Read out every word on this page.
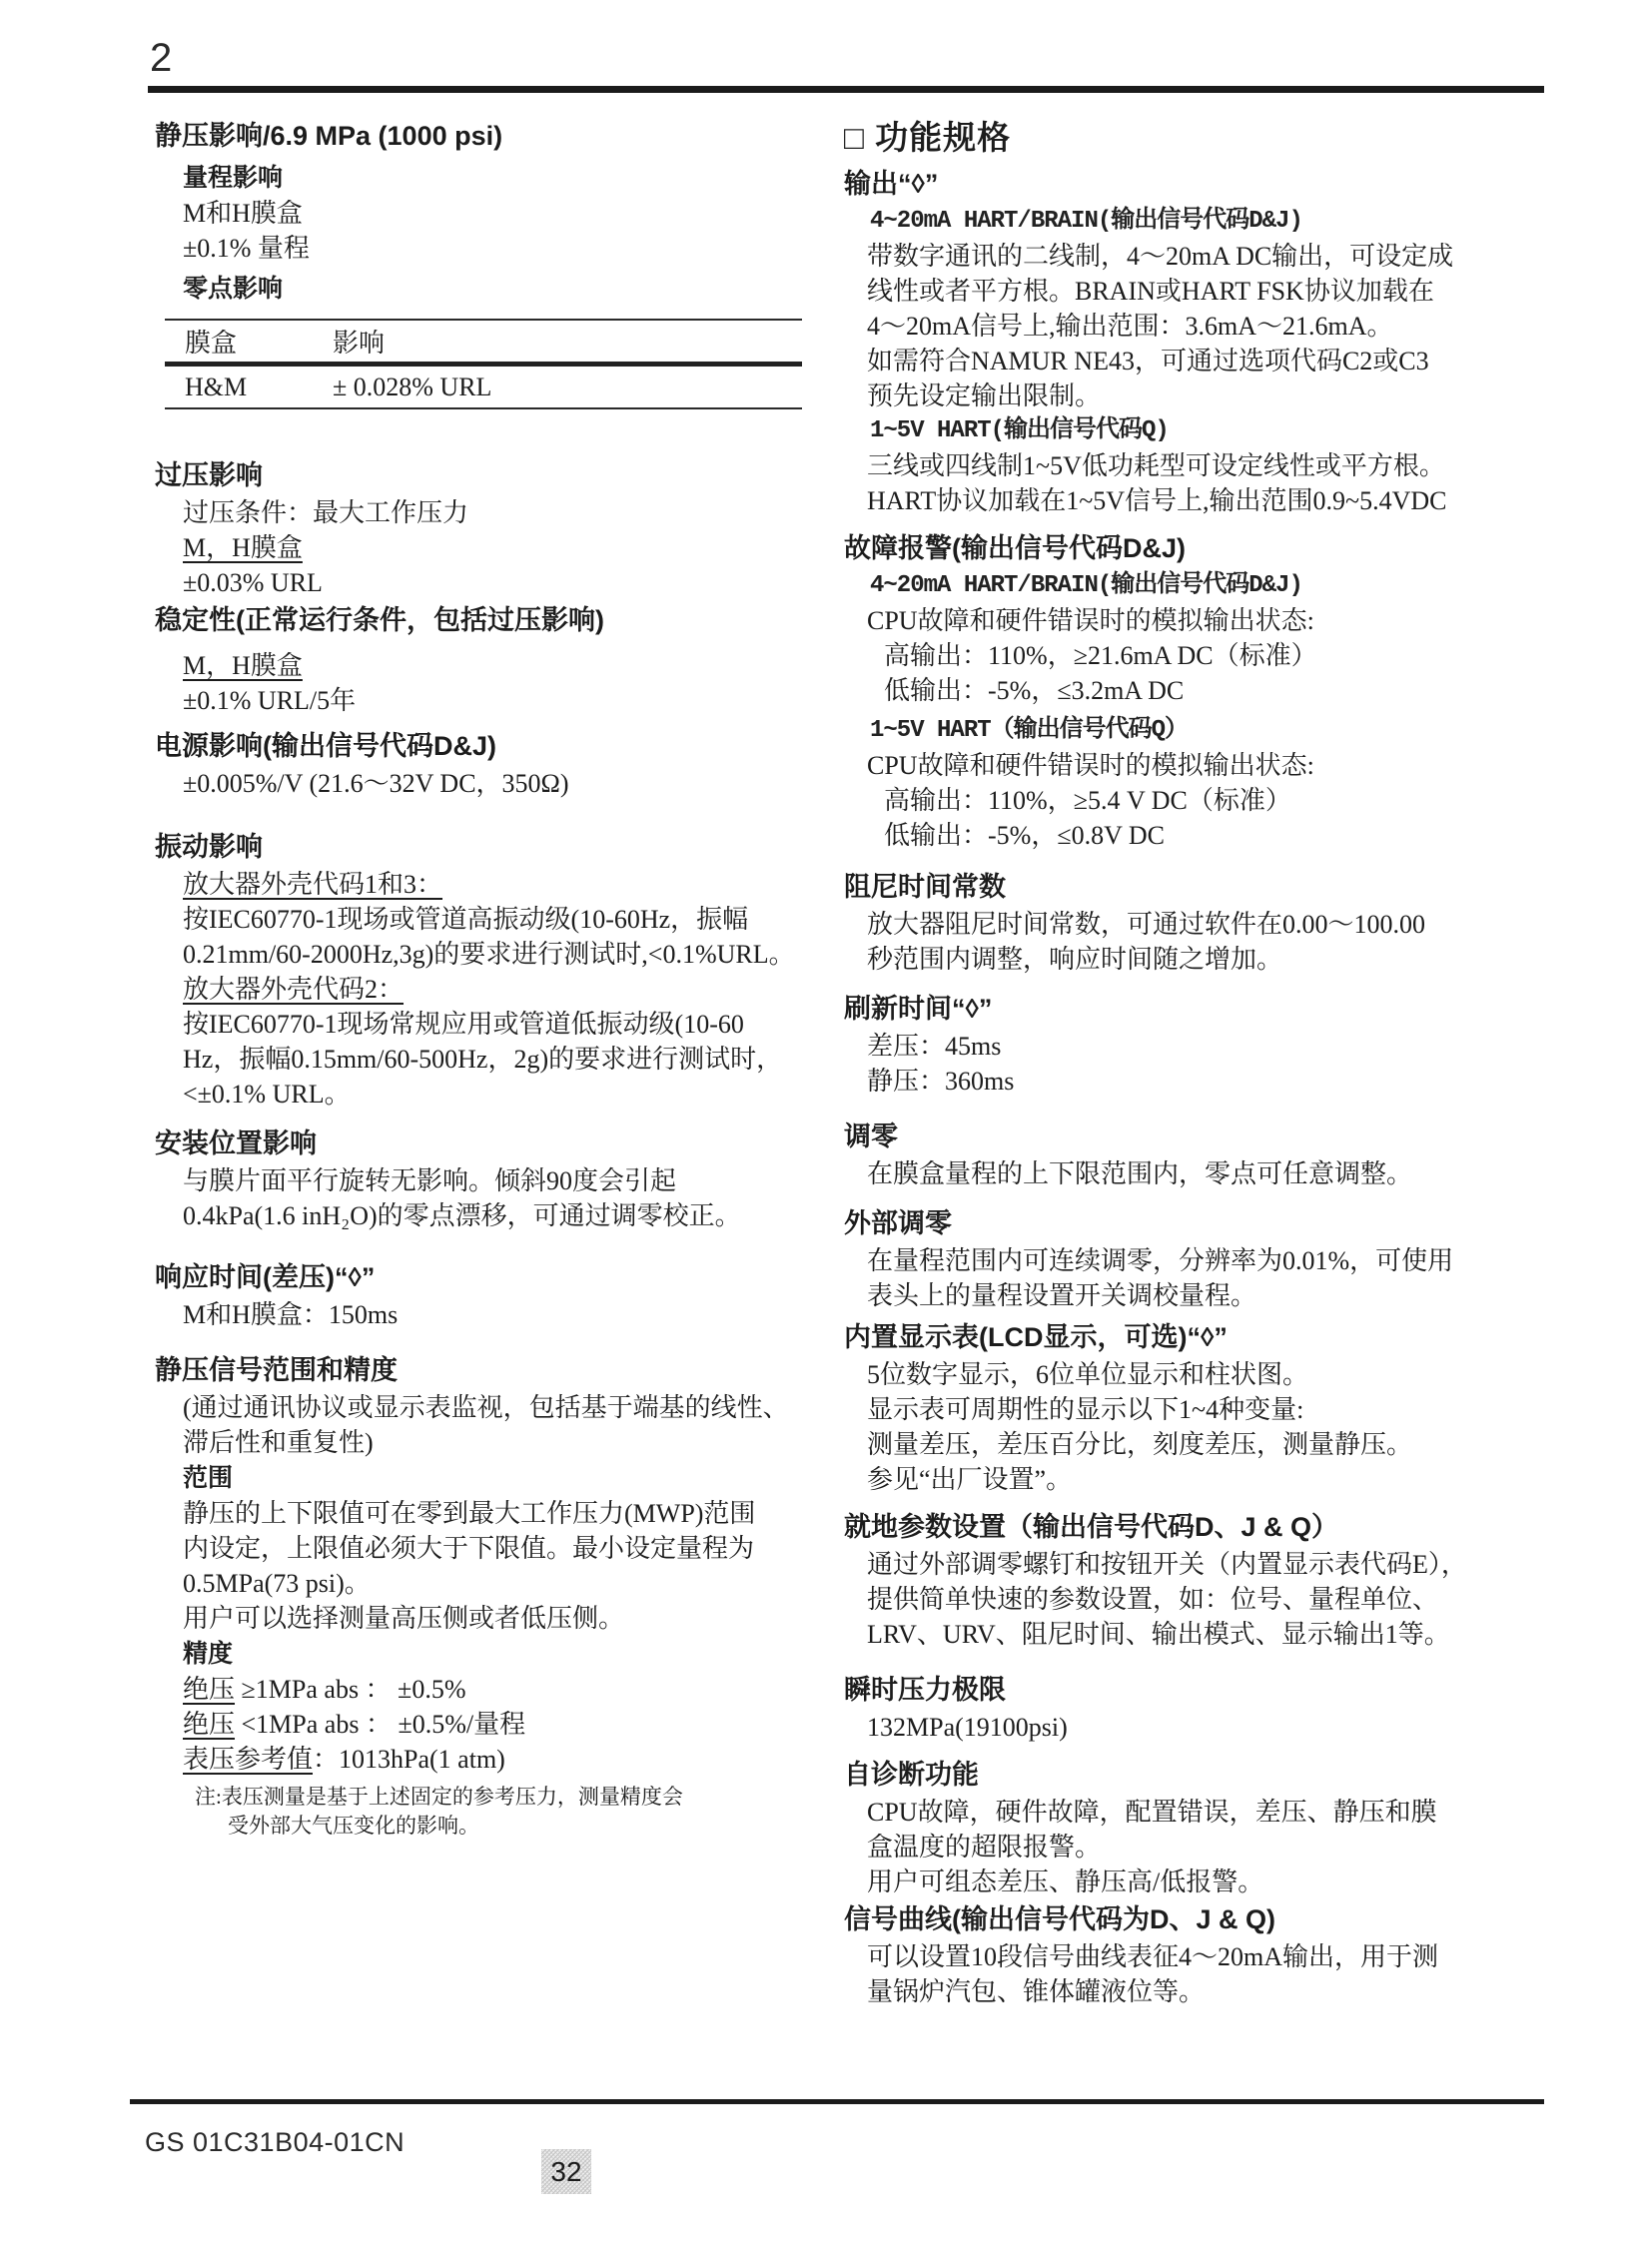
2
静压影响/6.9 MPa (1000 psi)
量程影响
M和H膜盒
±0.1% 量程
零点影响
膜盒	影响
H&M	± 0.028% URL
过压影响
过压条件：最大工作压力
M，H膜盒
±0.03% URL
稳定性(正常运行条件，包括过压影响)
M，H膜盒
±0.1% URL/5年
电源影响(输出信号代码D&J)
±0.005%/V (21.6～32V DC，350Ω)
振动影响
放大器外壳代码1和3：
按IEC60770-1现场或管道高振动级(10-60Hz，振幅
0.21mm/60-2000Hz,3g)的要求进行测试时,<0.1%URL。
放大器外壳代码2：
按IEC60770-1现场常规应用或管道低振动级(10-60
Hz，振幅0.15mm/60-500Hz，2g)的要求进行测试时，
<±0.1% URL。
安装位置影响
与膜片面平行旋转无影响。倾斜90度会引起
0.4kPa(1.6 inH₂O)的零点漂移，可通过调零校正。
响应时间(差压)“◊”
M和H膜盒：150ms
静压信号范围和精度
(通过通讯协议或显示表监视，包括基于端基的线性、
滞后性和重复性)
范围
静压的上下限值可在零到最大工作压力(MWP)范围
内设定，上限值必须大于下限值。最小设定量程为
0.5MPa(73 psi)。
用户可以选择测量高压侧或者低压侧。
精度
绝压 ≥1MPa abs ： ±0.5%
绝压 <1MPa abs ： ±0.5%/量程
表压参考值：1013hPa(1 atm)
注:表压测量是基于上述固定的参考压力，测量精度会
受外部大气压变化的影响。
□ 功能规格
输出“◊”
4~20mA HART/BRAIN(输出信号代码D&J)
带数字通讯的二线制，4～20mA DC输出，可设定成
线性或者平方根。BRAIN或HART FSK协议加载在
4～20mA信号上,输出范围：3.6mA～21.6mA。
如需符合NAMUR NE43，可通过选项代码C2或C3
预先设定输出限制。
1~5V HART(输出信号代码Q)
三线或四线制1~5V低功耗型可设定线性或平方根。
HART协议加载在1~5V信号上,输出范围0.9~5.4VDC
故障报警(输出信号代码D&J)
4~20mA HART/BRAIN(输出信号代码D&J)
CPU故障和硬件错误时的模拟输出状态:
高输出：110%，≥21.6mA DC（标准）
低输出：-5%，≤3.2mA DC
1~5V HART（输出信号代码Q）
CPU故障和硬件错误时的模拟输出状态:
高输出：110%，≥5.4 V DC（标准）
低输出：-5%，≤0.8V DC
阻尼时间常数
放大器阻尼时间常数，可通过软件在0.00～100.00
秒范围内调整，响应时间随之增加。
刷新时间“◊”
差压：45ms
静压：360ms
调零
在膜盒量程的上下限范围内，零点可任意调整。
外部调零
在量程范围内可连续调零，分辨率为0.01%，可使用
表头上的量程设置开关调校量程。
内置显示表(LCD显示，可选)“◊”
5位数字显示，6位单位显示和柱状图。
显示表可周期性的显示以下1~4种变量:
测量差压，差压百分比，刻度差压，测量静压。
参见“出厂设置”。
就地参数设置（输出信号代码D、J & Q）
通过外部调零螺钉和按钮开关（内置显示表代码E），
提供简单快速的参数设置，如：位号、量程单位、
LRV、URV、阻尼时间、输出模式、显示输出1等。
瞬时压力极限
132MPa(19100psi)
自诊断功能
CPU故障，硬件故障，配置错误，差压、静压和膜
盒温度的超限报警。
用户可组态差压、静压高/低报警。
信号曲线(输出信号代码为D、J & Q)
可以设置10段信号曲线表征4～20mA输出，用于测
量锅炉汽包、锥体罐液位等。
GS 01C31B04-01CN
32
